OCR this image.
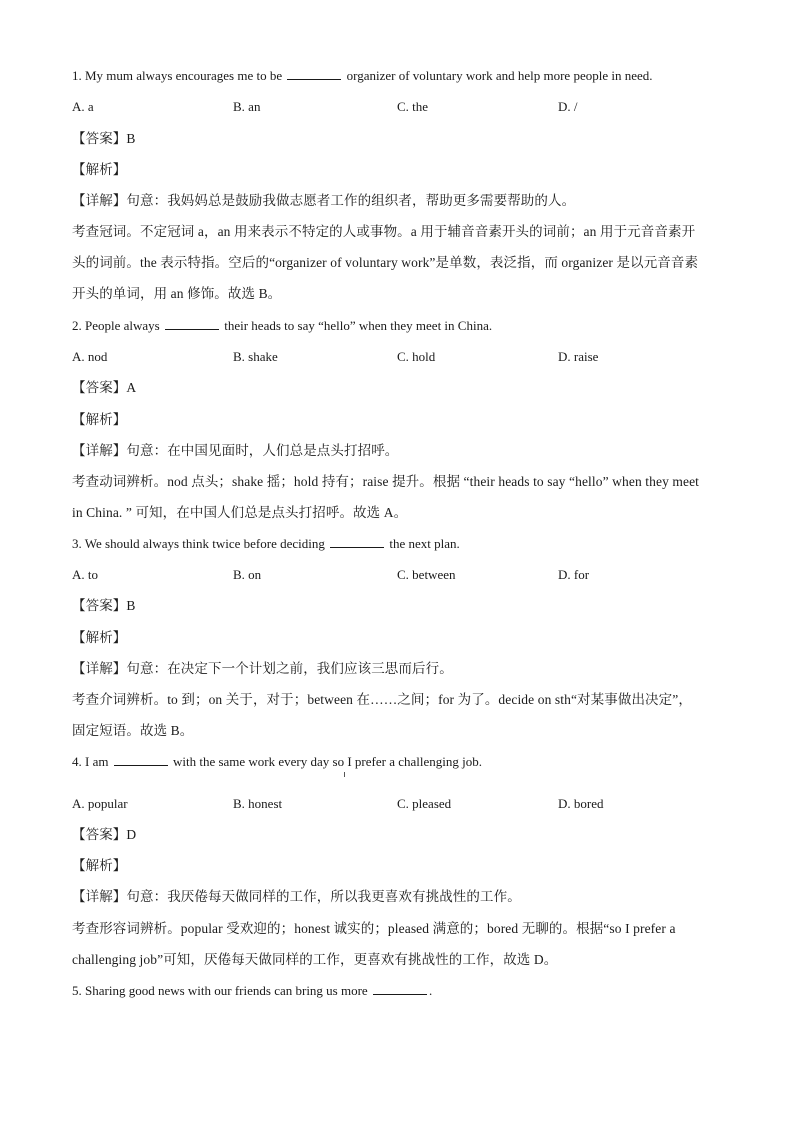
1. My mum always encourages me to be	organizer of voluntary work and help more people in need.
A. a	B. an	C. the	D. /
【答案】B
【解析】
【详解】句意：我妈妈总是鼓励我做志愿者工作的组织者，帮助更多需要帮助的人。
考查冠词。不定冠词 a，an 用来表示不特定的人或事物。a 用于辅音音素开头的词前；an 用于元音音素开
头的词前。the 表示特指。空后的“organizer of voluntary work”是单数，表泛指，而 organizer 是以元音音素
开头的单词，用 an 修饰。故选 B。
2. People always	their heads to say “hello” when they meet in China.
A. nod	B. shake	C. hold	D. raise
【答案】A
【解析】
【详解】句意：在中国见面时，人们总是点头打招呼。
考查动词辨析。nod 点头；shake 摇；hold 持有；raise 提升。根据 “their heads to say “hello” when they meet
in China. ” 可知，在中国人们总是点头打招呼。故选 A。
3. We should always think twice before deciding	the next plan.
A. to	B. on	C. between	D. for
【答案】B
【解析】
【详解】句意：在决定下一个计划之前，我们应该三思而后行。
考查介词辨析。to 到；on 关于，对于；between 在……之间；for 为了。decide on sth“对某事做出决定”，
固定短语。故选 B。
4. I am	with the same work every day so I prefer a challenging job.
A. popular	B. honest	C. pleased	D. bored
【答案】D
【解析】
【详解】句意：我厌倦每天做同样的工作，所以我更喜欢有挑战性的工作。
考查形容词辨析。popular 受欢迎的；honest 诚实的；pleased 满意的；bored 无聊的。根据“so I prefer a
challenging job”可知，厌倦每天做同样的工作，更喜欢有挑战性的工作，故选 D。
5. Sharing good news with our friends can bring us more	.
